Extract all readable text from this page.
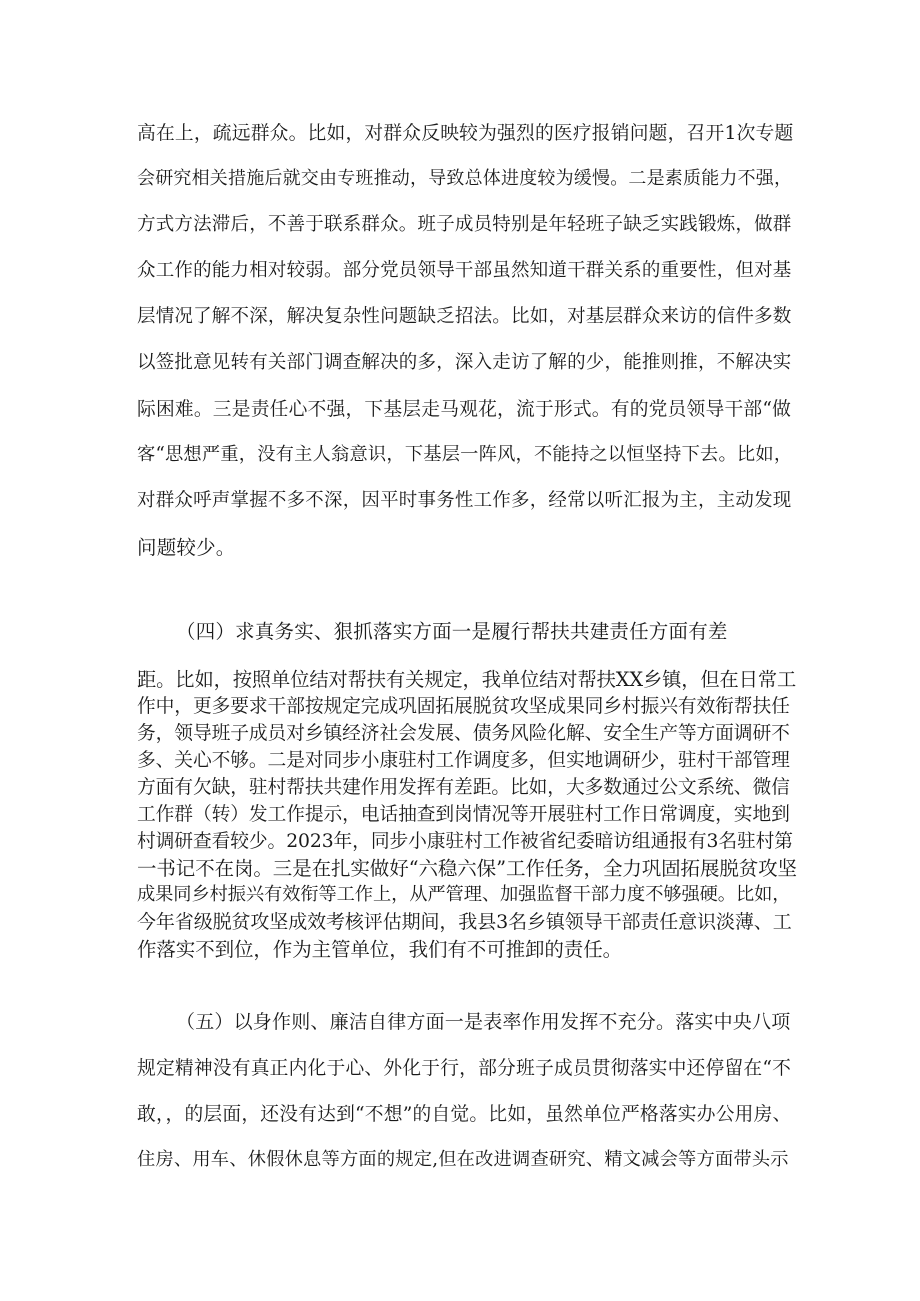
高在上，疏远群众。比如，对群众反映较为强烈的医疗报销问题，召开1次专题
会研究相关措施后就交由专班推动，导致总体进度较为缓慢。二是素质能力不强，
方式方法滞后，不善于联系群众。班子成员特别是年轻班子缺乏实践锻炼，做群
众工作的能力相对较弱。部分党员领导干部虽然知道干群关系的重要性，但对基
层情况了解不深，解决复杂性问题缺乏招法。比如，对基层群众来访的信件多数
以签批意见转有关部门调查解决的多，深入走访了解的少，能推则推，不解决实
际困难。三是责任心不强，下基层走马观花，流于形式。有的党员领导干部“做
客“思想严重，没有主人翁意识，下基层一阵风，不能持之以恒坚持下去。比如，
对群众呼声掌握不多不深，因平时事务性工作多，经常以听汇报为主，主动发现
问题较少。
（四）求真务实、狠抓落实方面一是履行帮扶共建责任方面有差
距。比如，按照单位结对帮扶有关规定，我单位结对帮扶XX乡镇，但在日常工
作中，更多要求干部按规定完成巩固拓展脱贫攻坚成果同乡村振兴有效衔帮扶任
务，领导班子成员对乡镇经济社会发展、债务风险化解、安全生产等方面调研不
多、关心不够。二是对同步小康驻村工作调度多，但实地调研少，驻村干部管理
方面有欠缺，驻村帮扶共建作用发挥有差距。比如，大多数通过公文系统、微信
工作群（转）发工作提示，电话抽查到岗情况等开展驻村工作日常调度，实地到
村调研查看较少。2023年，同步小康驻村工作被省纪委暗访组通报有3名驻村第
一书记不在岗。三是在扎实做好“六稳六保”工作任务，全力巩固拓展脱贫攻坚
成果同乡村振兴有效衔等工作上，从严管理、加强监督干部力度不够强硬。比如，
今年省级脱贫攻坚成效考核评估期间，我县3名乡镇领导干部责任意识淡薄、工
作落实不到位，作为主管单位，我们有不可推卸的责任。
（五）以身作则、廉洁自律方面一是表率作用发挥不充分。落实中央八项
规定精神没有真正内化于心、外化于行，部分班子成员贯彻落实中还停留在“不
敢，，的层面，还没有达到“不想”的自觉。比如，虽然单位严格落实办公用房、
住房、用车、休假休息等方面的规定,但在改进调查研究、精文减会等方面带头示
